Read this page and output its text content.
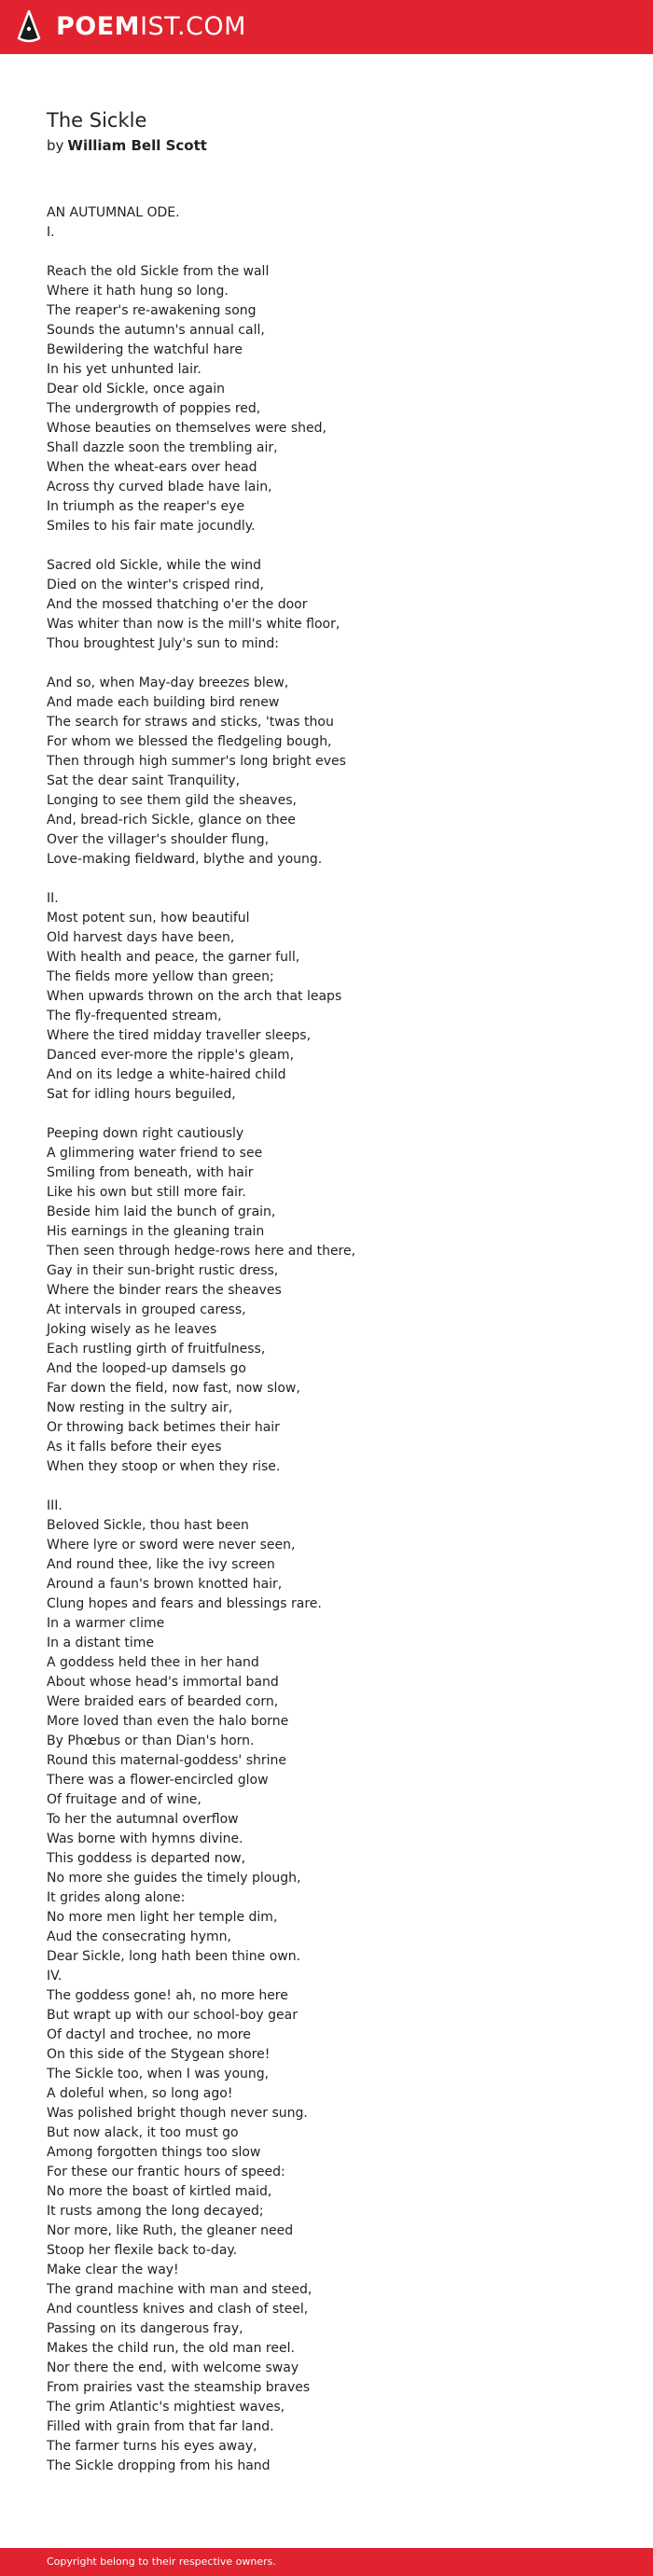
POEMIST.COM
The Sickle
by William Bell Scott
AN AUTUMNAL ODE.
I.
Reach the old Sickle from the wall
Where it hath hung so long.
The reaper's re-awakening song
Sounds the autumn's annual call,
Bewildering the watchful hare
In his yet unhunted lair.
Dear old Sickle, once again
The undergrowth of poppies red,
Whose beauties on themselves were shed,
Shall dazzle soon the trembling air,
When the wheat-ears over head
Across thy curved blade have lain,
In triumph as the reaper's eye
Smiles to his fair mate jocundly.
Sacred old Sickle, while the wind
Died on the winter's crisped rind,
And the mossed thatching o'er the door
Was whiter than now is the mill's white floor,
Thou broughtest July's sun to mind:
And so, when May-day breezes blew,
And made each building bird renew
The search for straws and sticks, 'twas thou
For whom we blessed the fledgeling bough,
Then through high summer's long bright eves
Sat the dear saint Tranquility,
Longing to see them gild the sheaves,
And, bread-rich Sickle, glance on thee
Over the villager's shoulder flung,
Love-making fieldward, blythe and young.
II.
Most potent sun, how beautiful
Old harvest days have been,
With health and peace, the garner full,
The fields more yellow than green;
When upwards thrown on the arch that leaps
The fly-frequented stream,
Where the tired midday traveller sleeps,
Danced ever-more the ripple's gleam,
And on its ledge a white-haired child
Sat for idling hours beguiled,
Peeping down right cautiously
A glimmering water friend to see
Smiling from beneath, with hair
Like his own but still more fair.
Beside him laid the bunch of grain,
His earnings in the gleaning train
Then seen through hedge-rows here and there,
Gay in their sun-bright rustic dress,
Where the binder rears the sheaves
At intervals in grouped caress,
Joking wisely as he leaves
Each rustling girth of fruitfulness,
And the looped-up damsels go
Far down the field, now fast, now slow,
Now resting in the sultry air,
Or throwing back betimes their hair
As it falls before their eyes
When they stoop or when they rise.
III.
Beloved Sickle, thou hast been
Where lyre or sword were never seen,
And round thee, like the ivy screen
Around a faun's brown knotted hair,
Clung hopes and fears and blessings rare.
In a warmer clime
In a distant time
A goddess held thee in her hand
About whose head's immortal band
Were braided ears of bearded corn,
More loved than even the halo borne
By Phœbus or than Dian's horn.
Round this maternal-goddess' shrine
There was a flower-encircled glow
Of fruitage and of wine,
To her the autumnal overflow
Was borne with hymns divine.
This goddess is departed now,
No more she guides the timely plough,
It grides along alone:
No more men light her temple dim,
Aud the consecrating hymn,
Dear Sickle, long hath been thine own.
IV.
The goddess gone! ah, no more here
But wrapt up with our school-boy gear
Of dactyl and trochee, no more
On this side of the Stygean shore!
The Sickle too, when I was young,
A doleful when, so long ago!
Was polished bright though never sung.
But now alack, it too must go
Among forgotten things too slow
For these our frantic hours of speed:
No more the boast of kirtled maid,
It rusts among the long decayed;
Nor more, like Ruth, the gleaner need
Stoop her flexile back to-day.
Make clear the way!
The grand machine with man and steed,
And countless knives and clash of steel,
Passing on its dangerous fray,
Makes the child run, the old man reel.
Nor there the end, with welcome sway
From prairies vast the steamship braves
The grim Atlantic's mightiest waves,
Filled with grain from that far land.
The farmer turns his eyes away,
The Sickle dropping from his hand
Copyright belong to their respective owners.
